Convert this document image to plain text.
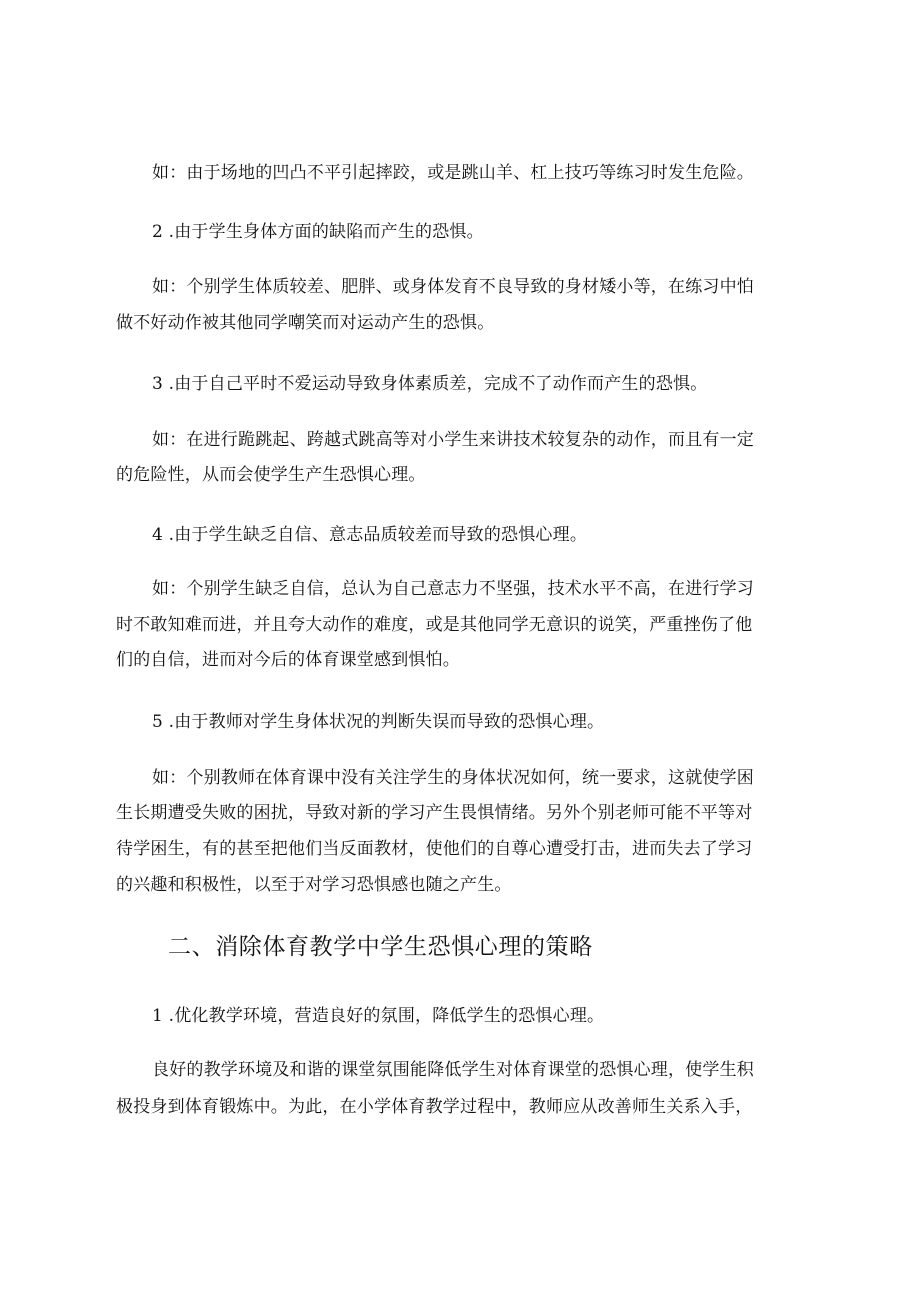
如：由于场地的凹凸不平引起摔跤，或是跳山羊、杠上技巧等练习时发生危险。
2 .由于学生身体方面的缺陷而产生的恐惧。
如：个别学生体质较差、肥胖、或身体发育不良导致的身材矮小等，在练习中怕
做不好动作被其他同学嘲笑而对运动产生的恐惧。
3 .由于自己平时不爱运动导致身体素质差，完成不了动作而产生的恐惧。
如：在进行跪跳起、跨越式跳高等对小学生来讲技术较复杂的动作，而且有一定
的危险性，从而会使学生产生恐惧心理。
4 .由于学生缺乏自信、意志品质较差而导致的恐惧心理。
如：个别学生缺乏自信，总认为自己意志力不坚强，技术水平不高，在进行学习
时不敢知难而进，并且夸大动作的难度，或是其他同学无意识的说笑，严重挫伤了他
们的自信，进而对今后的体育课堂感到惧怕。
5 .由于教师对学生身体状况的判断失误而导致的恐惧心理。
如：个别教师在体育课中没有关注学生的身体状况如何，统一要求，这就使学困
生长期遭受失败的困扰，导致对新的学习产生畏惧情绪。另外个别老师可能不平等对
待学困生，有的甚至把他们当反面教材，使他们的自尊心遭受打击，进而失去了学习
的兴趣和积极性，以至于对学习恐惧感也随之产生。
二、消除体育教学中学生恐惧心理的策略
1 .优化教学环境，营造良好的氛围，降低学生的恐惧心理。
良好的教学环境及和谐的课堂氛围能降低学生对体育课堂的恐惧心理，使学生积
极投身到体育锻炼中。为此，在小学体育教学过程中，教师应从改善师生关系入手，
